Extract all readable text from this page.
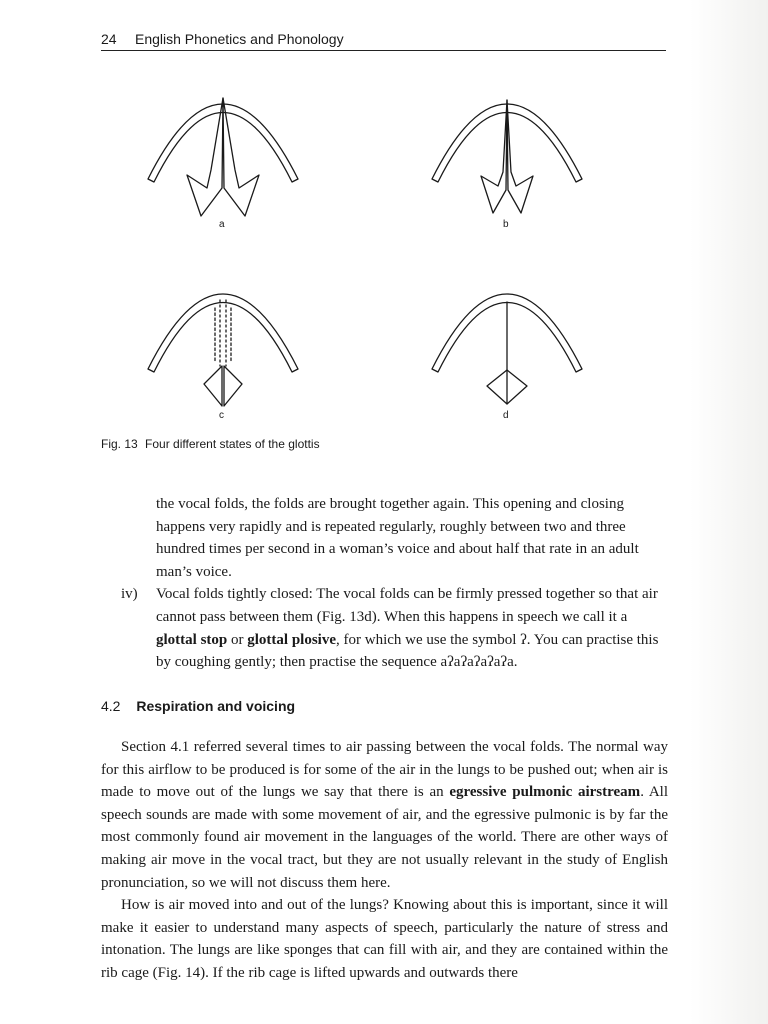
24 English Phonetics and Phonology
a	b
c	d
Fig. 13 Four different states of the glottis

the vocal folds, the folds are brought together again. This opening and closing happens very rapidly and is repeated regularly, roughly between two and three hundred times per second in a woman’s voice and about half that rate in an adult man’s voice.

iv)	Vocal folds tightly closed: The vocal folds can be firmly pressed together so that air cannot pass between them (Fig. 13d). When this happens in speech we call it a glottal stop or glottal plosive, for which we use the symbol ʔ. You can practise this by coughing gently; then practise the sequence aʔaʔaʔaʔaʔa.

4.2 Respiration and voicing

Section 4.1 referred several times to air passing between the vocal folds. The normal way for this airflow to be produced is for some of the air in the lungs to be pushed out; when air is made to move out of the lungs we say that there is an egressive pulmonic airstream. All speech sounds are made with some movement of air, and the egressive pulmonic is by far the most commonly found air movement in the languages of the world. There are other ways of making air move in the vocal tract, but they are not usually relevant in the study of English pronunciation, so we will not discuss them here.

How is air moved into and out of the lungs? Knowing about this is important, since it will make it easier to understand many aspects of speech, particularly the nature of stress and intonation. The lungs are like sponges that can fill with air, and they are contained within the rib cage (Fig. 14). If the rib cage is lifted upwards and outwards there
